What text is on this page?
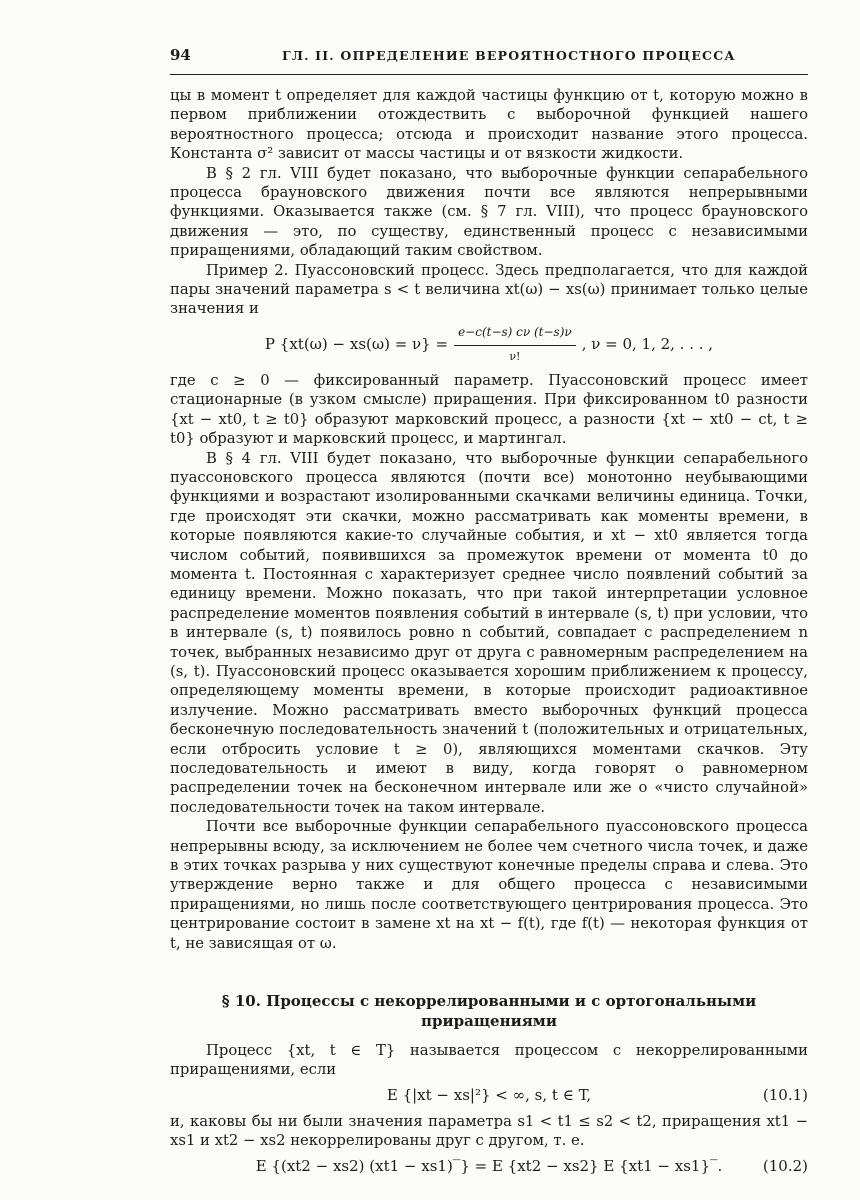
94	ГЛ. II. ОПРЕДЕЛЕНИЕ ВЕРОЯТНОСТНОГО ПРОЦЕССА

цы в момент t определяет для каждой частицы функцию от t, которую можно в первом приближении отождествить с выборочной функцией нашего вероятностного процесса; отсюда и происходит название этого процесса. Константа σ² зависит от массы частицы и от вязкости жидкости.

В § 2 гл. VIII будет показано, что выборочные функции сепарабельного процесса брауновского движения почти все являются непрерывными функциями. Оказывается также (см. § 7 гл. VIII), что процесс брауновского движения — это, по существу, единственный процесс с независимыми приращениями, обладающий таким свойством.

Пример 2. Пуассоновский процесс. Здесь предполагается, что для каждой пары значений параметра s < t величина xt(ω) − xs(ω) принимает только целые значения и

P $\{xt(\omega) - xs(\omega) = \nu\} = \frac{e-c(t-s) c\nu (t-s)\nu}{\nu!}$ , ν = 0, 1, 2, . . . ,

где c ≥ 0 — фиксированный параметр. Пуассоновский процесс имеет стационарные (в узком смысле) приращения. При фиксированном t0 разности {xt − xt0, t ≥ t0} образуют марковский процесс, а разности {xt − xt0 − ct, t ≥ t0} образуют и марковский процесс, и мартингал.

В § 4 гл. VIII будет показано, что выборочные функции сепарабельного пуассоновского процесса являются (почти все) монотонно неубывающими функциями и возрастают изолированными скачками величины единица. Точки, где происходят эти скачки, можно рассматривать как моменты времени, в которые появляются какие-то случайные события, и xt − xt0 является тогда числом событий, появившихся за промежуток времени от момента t0 до момента t. Постоянная c характеризует среднее число появлений событий за единицу времени. Можно показать, что при такой интерпретации условное распределение моментов появления событий в интервале (s, t) при условии, что в интервале (s, t) появилось ровно n событий, совпадает с распределением n точек, выбранных независимо друг от друга с равномерным распределением на (s, t). Пуассоновский процесс оказывается хорошим приближением к процессу, определяющему моменты времени, в которые происходит радиоактивное излучение. Можно рассматривать вместо выборочных функций процесса бесконечную последовательность значений t (положительных и отрицательных, если отбросить условие t ≥ 0), являющихся моментами скачков. Эту последовательность и имеют в виду, когда говорят о равномерном распределении точек на бесконечном интервале или же о «чисто случайной» последовательности точек на таком интервале.

Почти все выборочные функции сепарабельного пуассоновского процесса непрерывны всюду, за исключением не более чем счетного числа точек, и даже в этих точках разрыва у них существуют конечные пределы справа и слева. Это утверждение верно также и для общего процесса с независимыми приращениями, но лишь после соответствующего центрирования процесса. Это центрирование состоит в замене xt на xt − f(t), где f(t) — некоторая функция от t, не зависящая от ω.

§ 10. Процессы с некоррелированными и с ортогональными
приращениями

Процесс {xt, t ∈ T} называется процессом с некоррелированными приращениями, если

E {|xt − xs|²} < ∞, s, t ∈ T,	(10.1)

и, каковы бы ни были значения параметра s1 < t1 ≤ s2 < t2, приращения xt1 − xs1 и xt2 − xs2 некоррелированы друг с другом, т. е.

E {(xt2 − xs2) (xt1 − xs1)‾} = E {xt2 − xs2} E {xt1 − xs1}‾.	(10.2)
